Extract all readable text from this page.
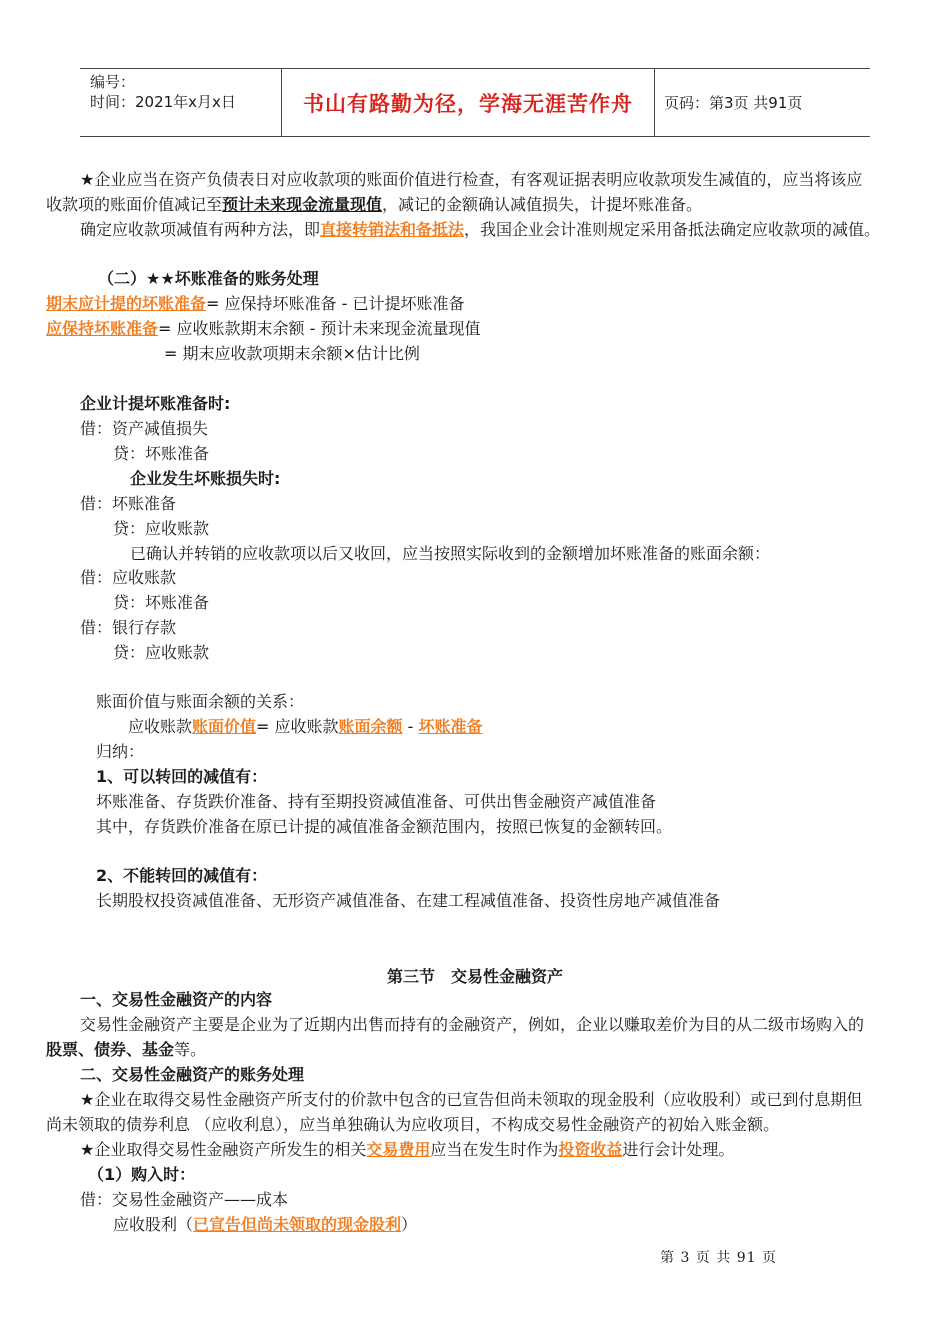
编号：
时间：2021年x月x日	书山有路勤为径，学海无涯苦作舟	页码：第3页 共91页
★企业应当在资产负债表日对应收款项的账面价值进行检查，有客观证据表明应收款项发生减值的，应当将该应
收款项的账面价值减记至预计未来现金流量现值，减记的金额确认减值损失，计提坏账准备。
确定应收款项减值有两种方法，即直接转销法和备抵法，我国企业会计准则规定采用备抵法确定应收款项的减值。
（二）★★坏账准备的账务处理
期末应计提的坏账准备= 应保持坏账准备 - 已计提坏账准备
应保持坏账准备= 应收账款期末余额 - 预计未来现金流量现值
= 期末应收款项期末余额×估计比例
企业计提坏账准备时:
借：资产减值损失
贷：坏账准备
企业发生坏账损失时:
借：坏账准备
贷：应收账款
已确认并转销的应收款项以后又收回，应当按照实际收到的金额增加坏账准备的账面余额：
借：应收账款
贷：坏账准备
借：银行存款
贷：应收账款
账面价值与账面余额的关系：
应收账款账面价值= 应收账款账面余额 - 坏账准备
归纳：
1、可以转回的减值有：
坏账准备、存货跌价准备、持有至期投资减值准备、可供出售金融资产减值准备
其中，存货跌价准备在原已计提的减值准备金额范围内，按照已恢复的金额转回。
2、不能转回的减值有：
长期股权投资减值准备、无形资产减值准备、在建工程减值准备、投资性房地产减值准备
第三节　交易性金融资产
一、交易性金融资产的内容
交易性金融资产主要是企业为了近期内出售而持有的金融资产，例如，企业以赚取差价为目的从二级市场购入的
股票、债券、基金等。
二、交易性金融资产的账务处理
★企业在取得交易性金融资产所支付的价款中包含的已宣告但尚未领取的现金股利（应收股利）或已到付息期但
尚未领取的债券利息 （应收利息），应当单独确认为应收项目，不构成交易性金融资产的初始入账金额。
★企业取得交易性金融资产所发生的相关交易费用应当在发生时作为投资收益进行会计处理。
（1）购入时：
借：交易性金融资产——成本
应收股利（已宣告但尚未领取的现金股利）
第 3 页 共 91 页
